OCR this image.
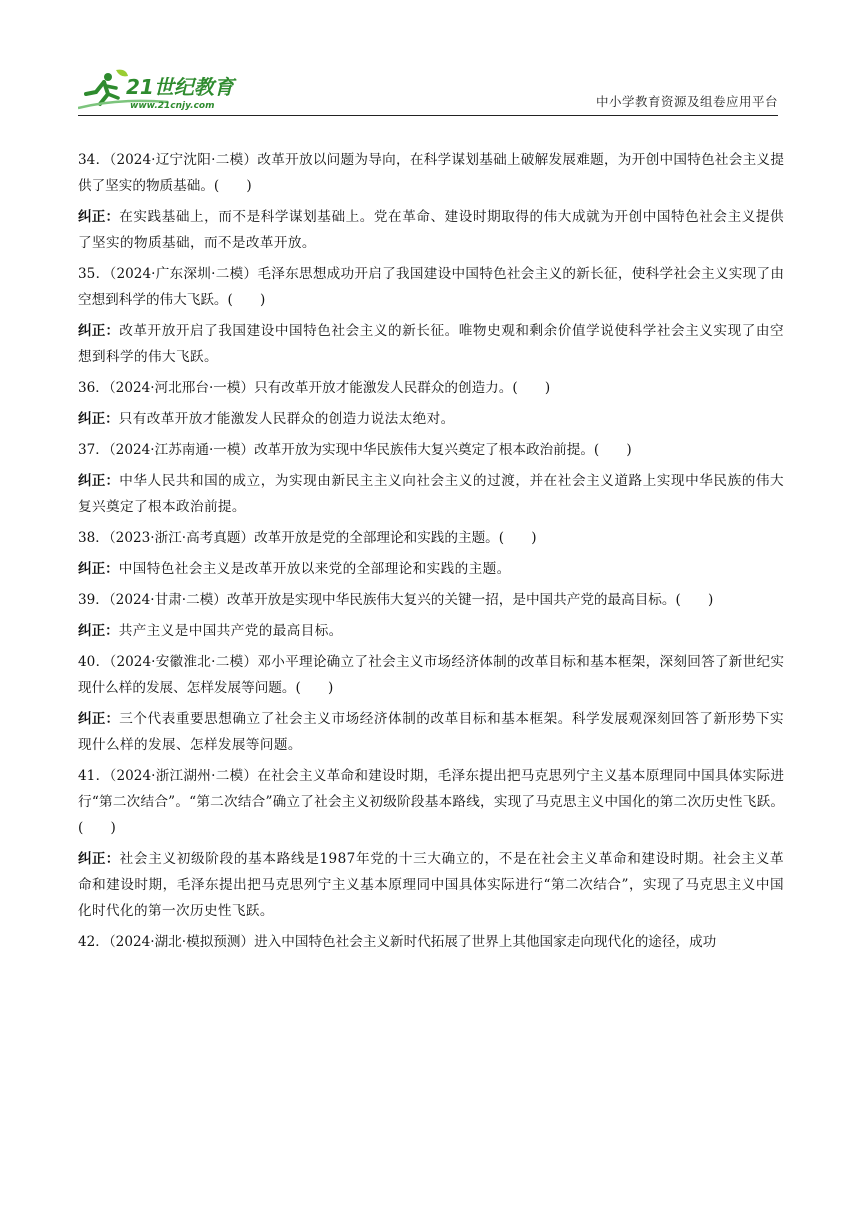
21世纪教育
www.21cnjy.com	中小学教育资源及组卷应用平台

34．（2024·辽宁沈阳·二模）改革开放以问题为导向，在科学谋划基础上破解发展难题，为开创中国特色社会主义提供了坚实的物质基础。(　　)

纠正：在实践基础上，而不是科学谋划基础上。党在革命、建设时期取得的伟大成就为开创中国特色社会主义提供了坚实的物质基础，而不是改革开放。

35．（2024·广东深圳·二模）毛泽东思想成功开启了我国建设中国特色社会主义的新长征，使科学社会主义实现了由空想到科学的伟大飞跃。(　　)

纠正：改革开放开启了我国建设中国特色社会主义的新长征。唯物史观和剩余价值学说使科学社会主义实现了由空想到科学的伟大飞跃。

36．（2024·河北邢台·一模）只有改革开放才能激发人民群众的创造力。(　　)

纠正：只有改革开放才能激发人民群众的创造力说法太绝对。

37．（2024·江苏南通·一模）改革开放为实现中华民族伟大复兴奠定了根本政治前提。(　　)

纠正：中华人民共和国的成立，为实现由新民主主义向社会主义的过渡，并在社会主义道路上实现中华民族的伟大复兴奠定了根本政治前提。

38．（2023·浙江·高考真题）改革开放是党的全部理论和实践的主题。(　　)

纠正：中国特色社会主义是改革开放以来党的全部理论和实践的主题。

39．（2024·甘肃·二模）改革开放是实现中华民族伟大复兴的关键一招，是中国共产党的最高目标。(　　)

纠正：共产主义是中国共产党的最高目标。

40．（2024·安徽淮北·二模）邓小平理论确立了社会主义市场经济体制的改革目标和基本框架，深刻回答了新世纪实现什么样的发展、怎样发展等问题。(　　)

纠正：三个代表重要思想确立了社会主义市场经济体制的改革目标和基本框架。科学发展观深刻回答了新形势下实现什么样的发展、怎样发展等问题。

41．（2024·浙江湖州·二模）在社会主义革命和建设时期，毛泽东提出把马克思列宁主义基本原理同中国具体实际进行“第二次结合”。“第二次结合”确立了社会主义初级阶段基本路线，实现了马克思主义中国化的第二次历史性飞跃。(　　)

纠正：社会主义初级阶段的基本路线是1987年党的十三大确立的，不是在社会主义革命和建设时期。社会主义革命和建设时期，毛泽东提出把马克思列宁主义基本原理同中国具体实际进行“第二次结合”，实现了马克思主义中国化时代化的第一次历史性飞跃。

42．（2024·湖北·模拟预测）进入中国特色社会主义新时代拓展了世界上其他国家走向现代化的途径，成功
